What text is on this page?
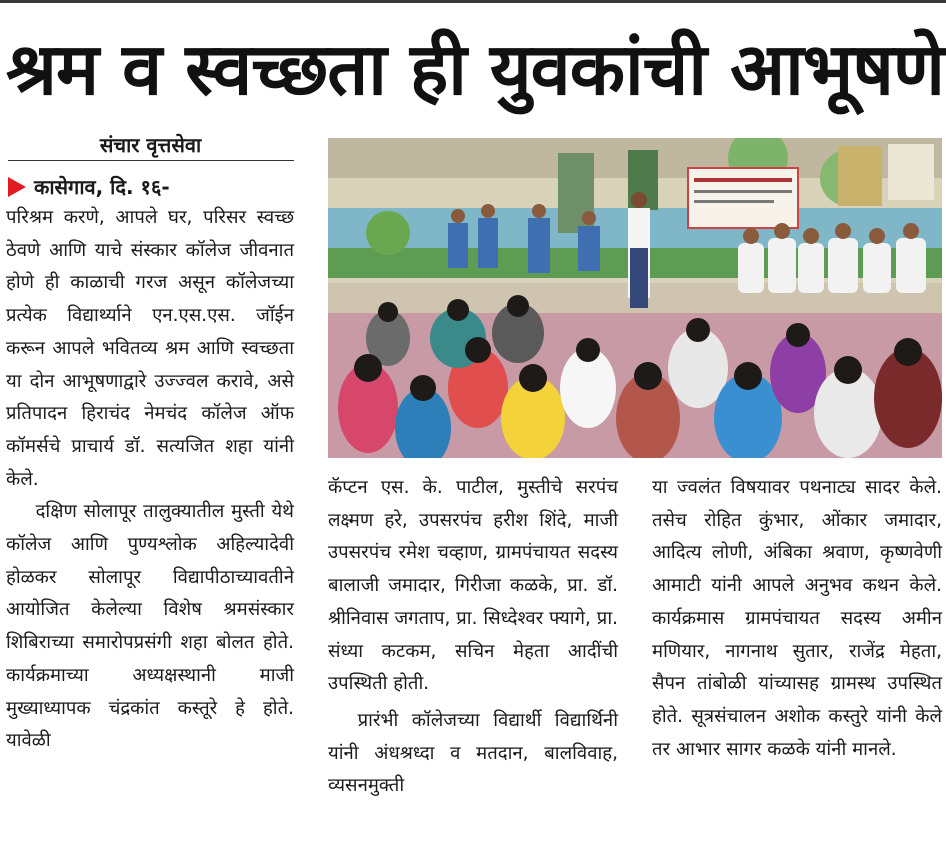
श्रम व स्वच्छता ही युवकांची आभूषणे
संचार वृत्तसेवा
कासेगाव, दि. १६-

परिश्रम करणे, आपले घर, परिसर स्वच्छ ठेवणे आणि याचे संस्कार कॉलेज जीवनात होणे ही काळाची गरज असून कॉलेजच्या प्रत्येक विद्यार्थ्याने एन.एस.एस. जॉईन करून आपले भवितव्य श्रम आणि स्वच्छता या दोन आभूषणाद्वारे उज्ज्वल करावे, असे प्रतिपादन हिराचंद नेमचंद कॉलेज ऑफ कॉमर्सचे प्राचार्य डॉ. सत्यजित शहा यांनी केले.

दक्षिण सोलापूर तालुक्यातील मुस्ती येथे कॉलेज आणि पुण्यश्लोक अहिल्यादेवी होळकर सोलापूर विद्यापीठाच्यावतीने आयोजित केलेल्या विशेष श्रमसंस्कार शिबिराच्या समारोपप्रसंगी शहा बोलत होते. कार्यक्रमाच्या अध्यक्षस्थानी माजी मुख्याध्यापक चंद्रकांत कस्तूरे हे होते. यावेळी

कॅप्टन एस. के. पाटील, मुस्तीचे सरपंच लक्ष्मण हरे, उपसरपंच हरीश शिंदे, माजी उपसरपंच रमेश चव्हाण, ग्रामपंचायत सदस्य बालाजी जमादार, गिरीजा कळके, प्रा. डॉ. श्रीनिवास जगताप, प्रा. सिध्देश्वर फ्यागे, प्रा. संध्या कटकम, सचिन मेहता आदींची उपस्थिती होती.

प्रारंभी कॉलेजच्या विद्यार्थी विद्यार्थिनी यांनी अंधश्रध्दा व मतदान, बालविवाह, व्यसनमुक्ती

या ज्वलंत विषयावर पथनाट्य सादर केले. तसेच रोहित कुंभार, ओंकार जमादार, आदित्य लोणी, अंबिका श्रवाण, कृष्णवेणी आमाटी यांनी आपले अनुभव कथन केले. कार्यक्रमास ग्रामपंचायत सदस्य अमीन मणियार, नागनाथ सुतार, राजेंद्र मेहता, सैपन तांबोळी यांच्यासह ग्रामस्थ उपस्थित होते. सूत्रसंचालन अशोक कस्तुरे यांनी केले तर आभार सागर कळके यांनी मानले.
